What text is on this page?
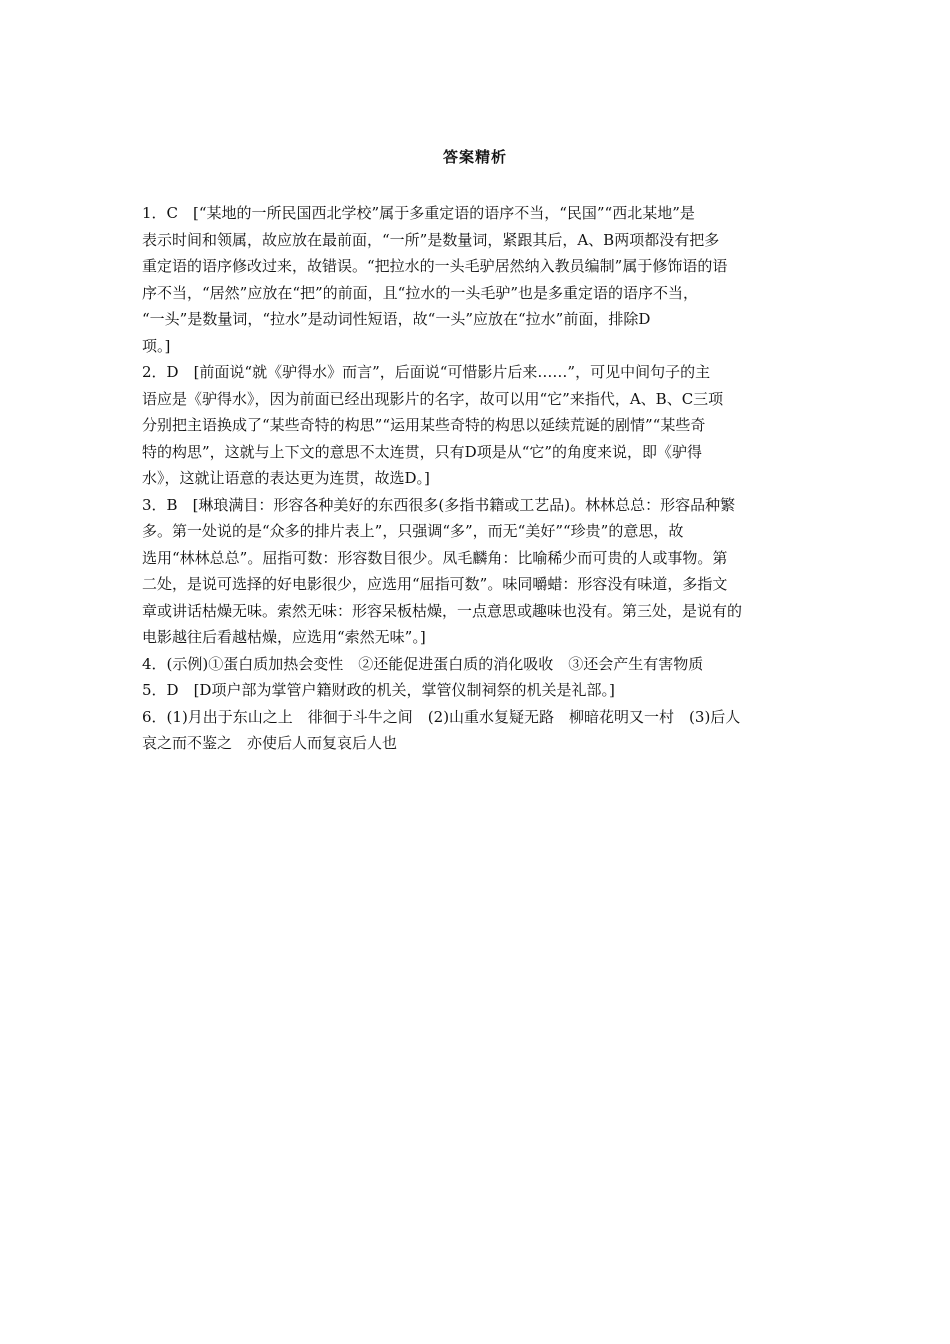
答案精析
1．C　[“某地的一所民国西北学校”属于多重定语的语序不当，“民国”“西北某地”是
表示时间和领属，故应放在最前面，“一所”是数量词，紧跟其后，A、B两项都没有把多
重定语的语序修改过来，故错误。“把拉水的一头毛驴居然纳入教员编制”属于修饰语的语
序不当，“居然”应放在“把”的前面，且“拉水的一头毛驴”也是多重定语的语序不当，
“一头”是数量词，“拉水”是动词性短语，故“一头”应放在“拉水”前面，排除D
项。]
2．D　[前面说“就《驴得水》而言”，后面说“可惜影片后来……”，可见中间句子的主
语应是《驴得水》，因为前面已经出现影片的名字，故可以用“它”来指代，A、B、C三项
分别把主语换成了“某些奇特的构思”“运用某些奇特的构思以延续荒诞的剧情”“某些奇
特的构思”，这就与上下文的意思不太连贯，只有D项是从“它”的角度来说，即《驴得
水》，这就让语意的表达更为连贯，故选D。]
3．B　[琳琅满目：形容各种美好的东西很多(多指书籍或工艺品)。林林总总：形容品种繁
多。第一处说的是“众多的排片表上”，只强调“多”，而无“美好”“珍贵”的意思，故
选用“林林总总”。屈指可数：形容数目很少。凤毛麟角：比喻稀少而可贵的人或事物。第
二处，是说可选择的好电影很少，应选用“屈指可数”。味同嚼蜡：形容没有味道，多指文
章或讲话枯燥无味。索然无味：形容呆板枯燥，一点意思或趣味也没有。第三处，是说有的
电影越往后看越枯燥，应选用“索然无味”。]
4．(示例)①蛋白质加热会变性　②还能促进蛋白质的消化吸收　③还会产生有害物质
5．D　[D项户部为掌管户籍财政的机关，掌管仪制祠祭的机关是礼部。]
6．(1)月出于东山之上　徘徊于斗牛之间　(2)山重水复疑无路　柳暗花明又一村　(3)后人
哀之而不鉴之　亦使后人而复哀后人也
